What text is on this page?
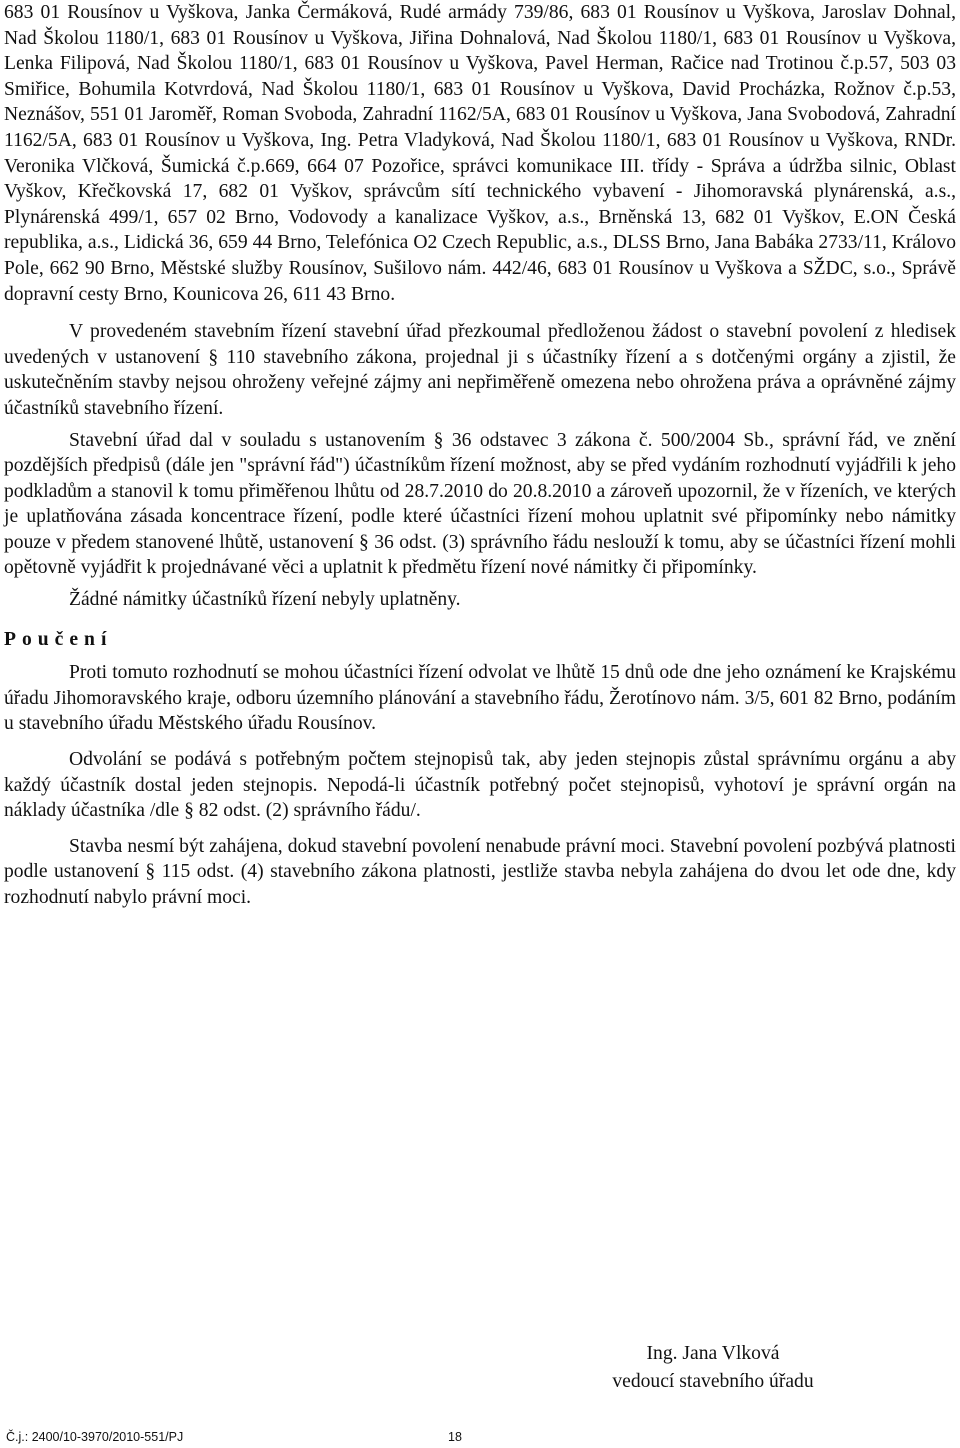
683 01 Rousínov u Vyškova, Janka Čermáková, Rudé armády 739/86, 683 01 Rousínov u Vyškova, Jaroslav Dohnal, Nad Školou 1180/1, 683 01 Rousínov u Vyškova, Jiřina Dohnalová, Nad Školou 1180/1, 683 01 Rousínov u Vyškova, Lenka Filipová, Nad Školou 1180/1, 683 01 Rousínov u Vyškova, Pavel Herman, Račice nad Trotinou č.p.57, 503 03 Smiřice, Bohumila Kotvrdová, Nad Školou 1180/1, 683 01 Rousínov u Vyškova, David Procházka, Rožnov č.p.53, Neznášov, 551 01 Jaroměř, Roman Svoboda, Zahradní 1162/5A, 683 01 Rousínov u Vyškova, Jana Svobodová, Zahradní 1162/5A, 683 01 Rousínov u Vyškova, Ing. Petra Vladyková, Nad Školou 1180/1, 683 01 Rousínov u Vyškova, RNDr. Veronika Vlčková, Šumická č.p.669, 664 07 Pozořice, správci komunikace III. třídy - Správa a údržba silnic, Oblast Vyškov, Křečkovská 17, 682 01 Vyškov, správcům sítí technického vybavení - Jihomoravská plynárenská, a.s., Plynárenská 499/1, 657 02 Brno, Vodovody a kanalizace Vyškov, a.s., Brněnská 13, 682 01 Vyškov, E.ON Česká republika, a.s., Lidická 36, 659 44 Brno, Telefónica O2 Czech Republic, a.s., DLSS Brno, Jana Babáka 2733/11, Královo Pole, 662 90 Brno, Městské služby Rousínov, Sušilovo nám. 442/46, 683 01 Rousínov u Vyškova a SŽDC, s.o., Správě dopravní cesty Brno, Kounicova 26, 611 43 Brno.

V provedeném stavebním řízení stavební úřad přezkoumal předloženou žádost o stavební povolení z hledisek uvedených v ustanovení § 110 stavebního zákona, projednal ji s účastníky řízení a s dotčenými orgány a zjistil, že uskutečněním stavby nejsou ohroženy veřejné zájmy ani nepřiměřeně omezena nebo ohrožena práva a oprávněné zájmy účastníků stavebního řízení.

Stavební úřad dal v souladu s ustanovením § 36 odstavec 3 zákona č. 500/2004 Sb., správní řád, ve znění pozdějších předpisů (dále jen "správní řád") účastníkům řízení možnost, aby se před vydáním rozhodnutí vyjádřili k jeho podkladům a stanovil k tomu přiměřenou lhůtu od 28.7.2010 do 20.8.2010 a zároveň upozornil, že v řízeních, ve kterých je uplatňována zásada koncentrace řízení, podle které účastníci řízení mohou uplatnit své připomínky nebo námitky pouze v předem stanovené lhůtě, ustanovení § 36 odst. (3) správního řádu neslouží k tomu, aby se účastníci řízení mohli opětovně vyjádřit k projednávané věci a uplatnit k předmětu řízení nové námitky či připomínky.

Žádné námitky účastníků řízení nebyly uplatněny.

Poučení

Proti tomuto rozhodnutí se mohou účastníci řízení odvolat ve lhůtě 15 dnů ode dne jeho oznámení ke Krajskému úřadu Jihomoravského kraje, odboru územního plánování a stavebního řádu, Žerotínovo nám. 3/5, 601 82 Brno, podáním u stavebního úřadu Městského úřadu Rousínov.

Odvolání se podává s potřebným počtem stejnopisů tak, aby jeden stejnopis zůstal správnímu orgánu a aby každý účastník dostal jeden stejnopis. Nepodá-li účastník potřebný počet stejnopisů, vyhotoví je správní orgán na náklady účastníka /dle § 82 odst. (2) správního řádu/.

Stavba nesmí být zahájena, dokud stavební povolení nenabude právní moci. Stavební povolení pozbývá platnosti podle ustanovení § 115 odst. (4) stavebního zákona platnosti, jestliže stavba nebyla zahájena do dvou let ode dne, kdy rozhodnutí nabylo právní moci.

Ing. Jana Vlková
vedoucí stavebního úřadu
Č.j.: 2400/10-3970/2010-551/PJ	18
